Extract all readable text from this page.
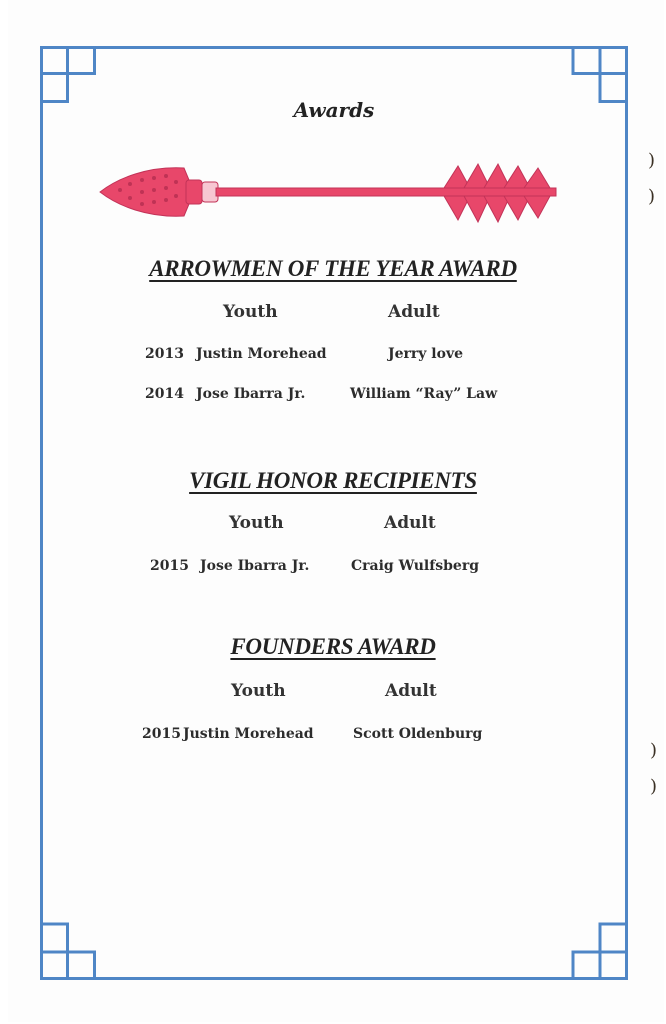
Awards
ARROWMEN OF THE YEAR AWARD
Youth	Adult
2013 Justin Morehead	Jerry love
2014 Jose Ibarra Jr.	William “Ray” Law
VIGIL HONOR RECIPIENTS
Youth	Adult
2015 Jose Ibarra Jr.	Craig Wulfsberg
FOUNDERS AWARD
Youth	Adult
2015 Justin Morehead	Scott Oldenburg
)
)
)
)
